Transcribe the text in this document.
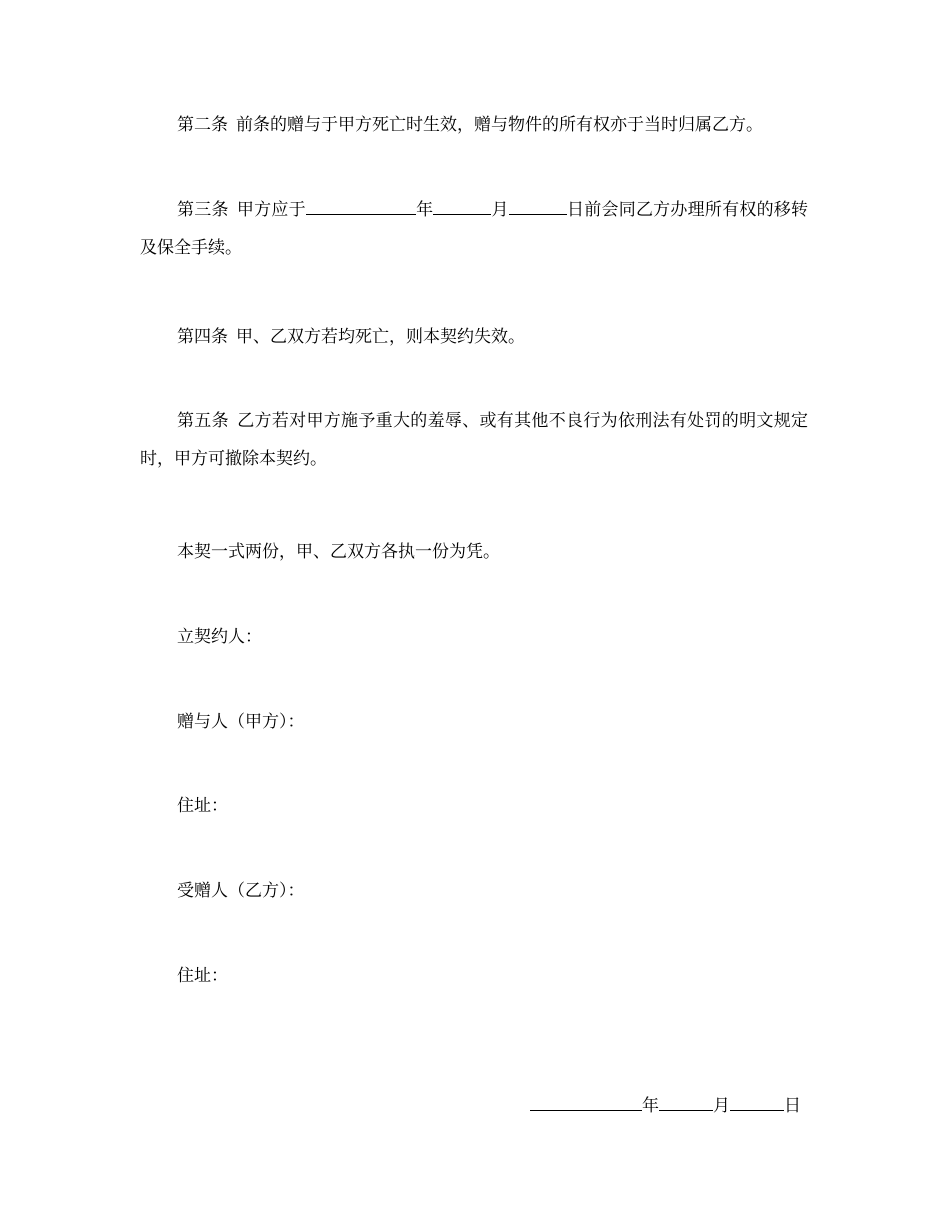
第二条 前条的赠与于甲方死亡时生效，赠与物件的所有权亦于当时归属乙方。
第三条 甲方应于	年	月	日前会同乙方办理所有权的移转及保全手续。
第四条 甲、乙双方若均死亡，则本契约失效。
第五条 乙方若对甲方施予重大的羞辱、或有其他不良行为依刑法有处罚的明文规定时，甲方可撤除本契约。
本契一式两份，甲、乙双方各执一份为凭。
立契约人：
赠与人（甲方）：
住址：
受赠人（乙方）：
住址：
年	月	日
